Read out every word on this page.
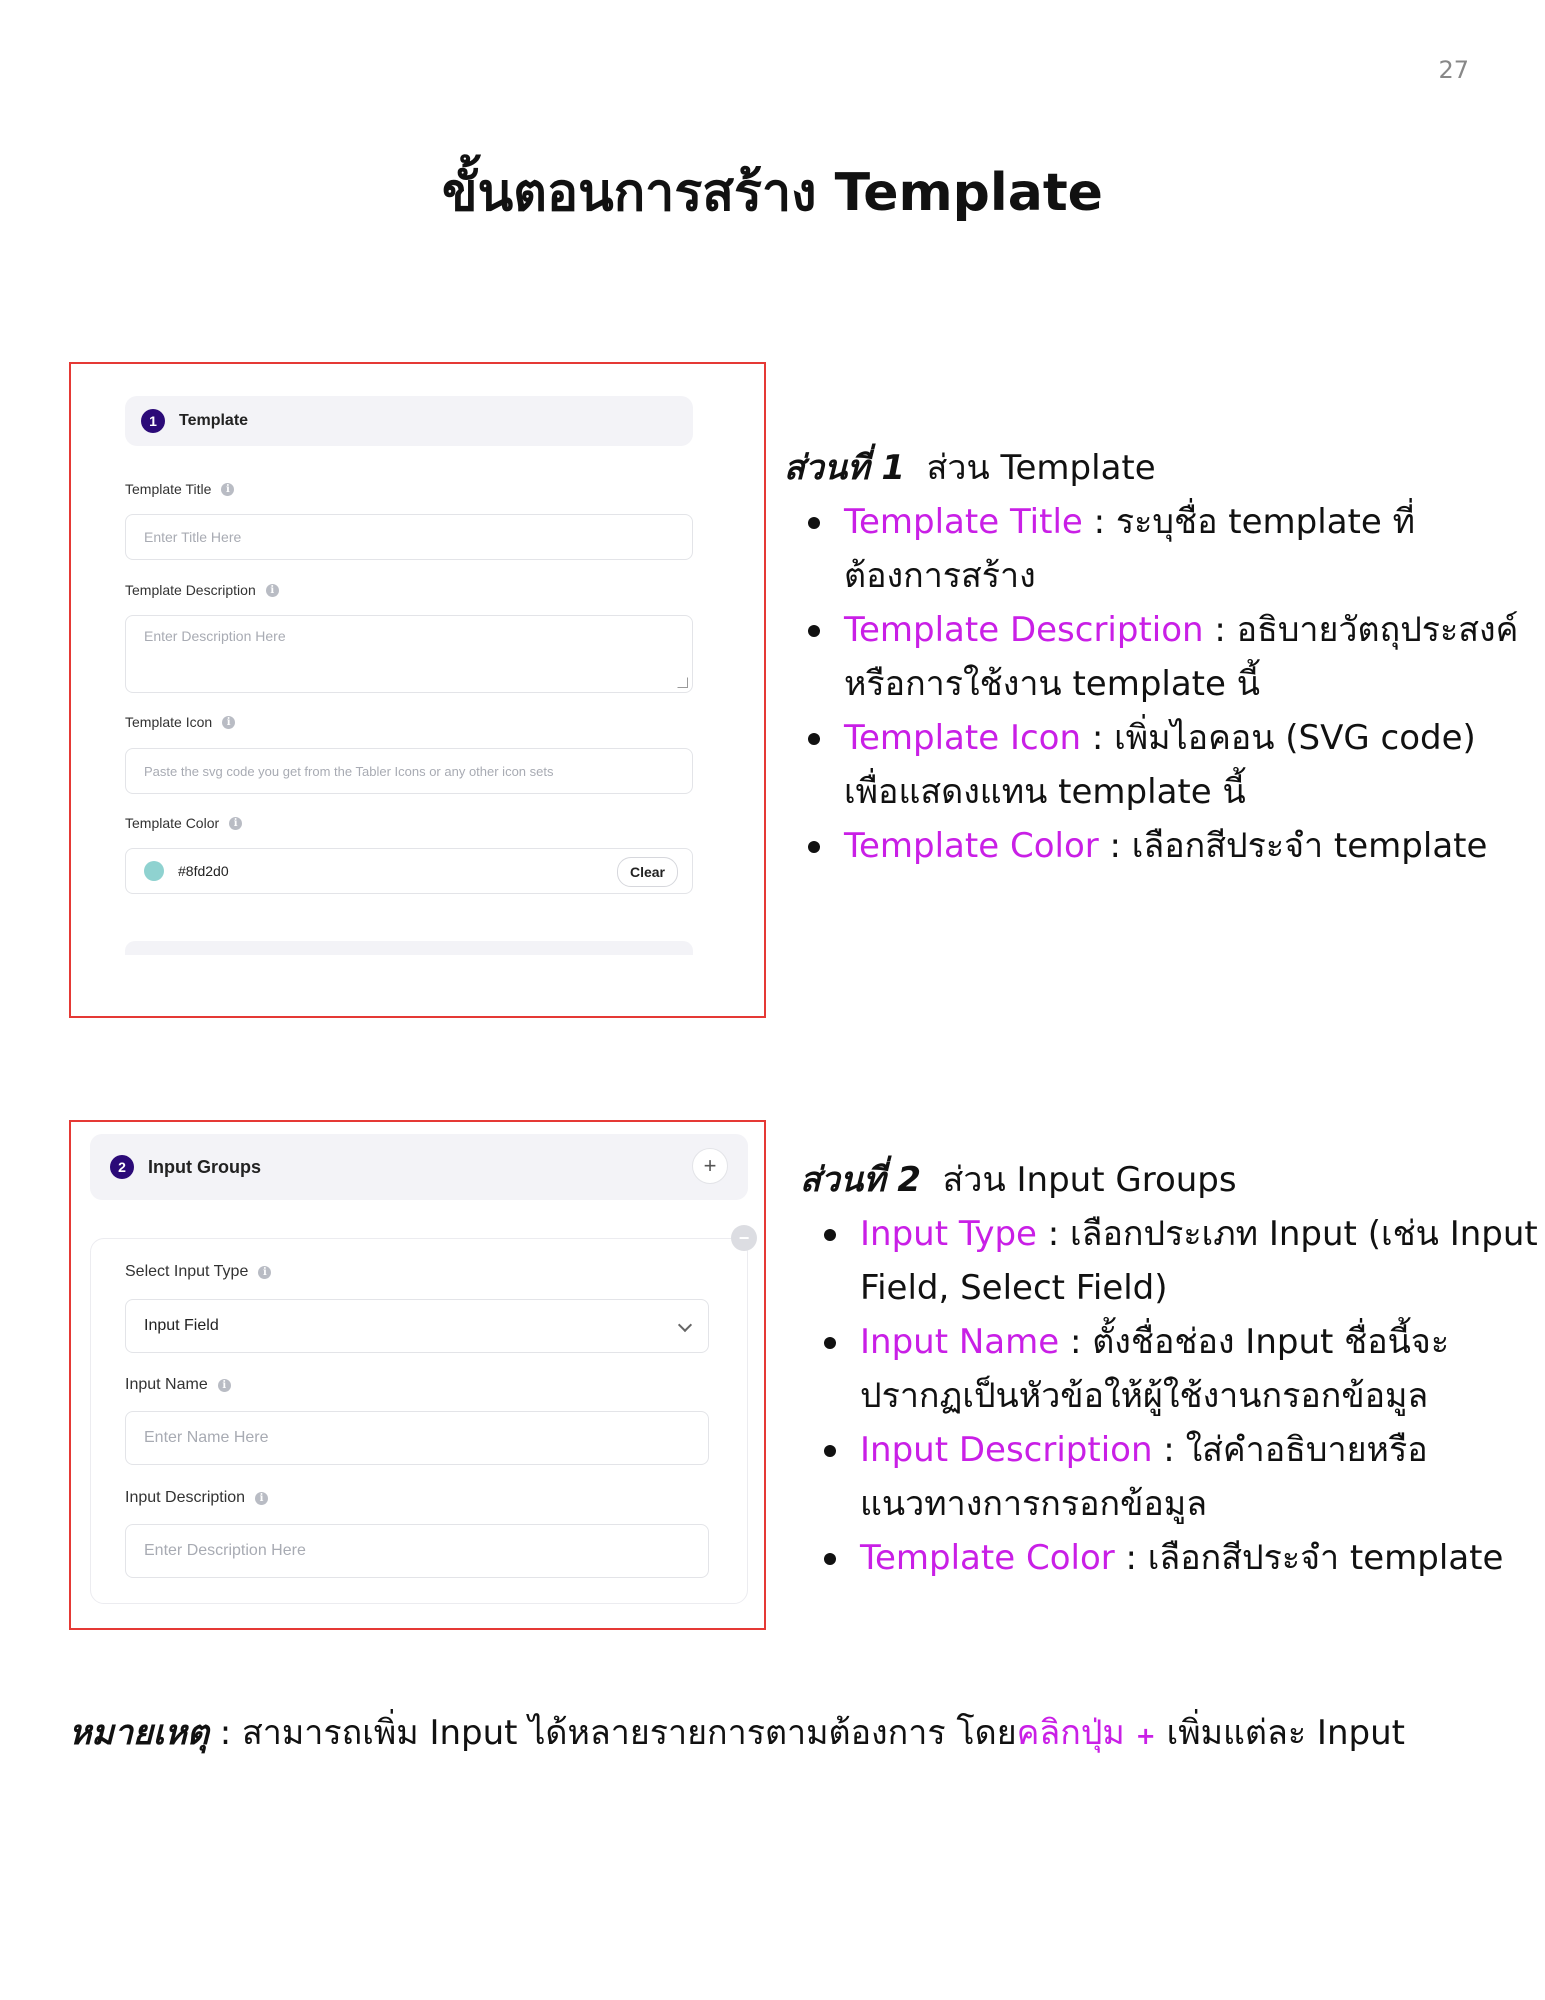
27
ขั้นตอนการสร้าง Template
1	Template
Template Title	i
Enter Title Here
Template Description	i
Enter Description Here
Template Icon	i
Paste the svg code you get from the Tabler Icons or any other icon sets
Template Color	i
#8fd2d0	Clear

ส่วนที่ 1 ส่วน Template

Template Title : ระบุชื่อ template ที่ต้องการสร้าง
Template Description : อธิบายวัตถุประสงค์หรือการใช้งาน template นี้
Template Icon : เพิ่มไอคอน (SVG code) เพื่อแสดงแทน template นี้
Template Color : เลือกสีประจำ template
2	Input Groups	+
Select Input Type	i
Input Field
Input Name	i
Enter Name Here
Input Description	i
Enter Description Here
−

ส่วนที่ 2 ส่วน Input Groups

Input Type : เลือกประเภท Input (เช่น Input Field, Select Field)
Input Name : ตั้งชื่อช่อง Input ชื่อนี้จะปรากฏเป็นหัวข้อให้ผู้ใช้งานกรอกข้อมูล
Input Description : ใส่คำอธิบายหรือแนวทางการกรอกข้อมูล
Template Color : เลือกสีประจำ template

หมายเหตุ : สามารถเพิ่ม Input ได้หลายรายการตามต้องการ โดยคลิกปุ่ม + เพิ่มแต่ละ Input
